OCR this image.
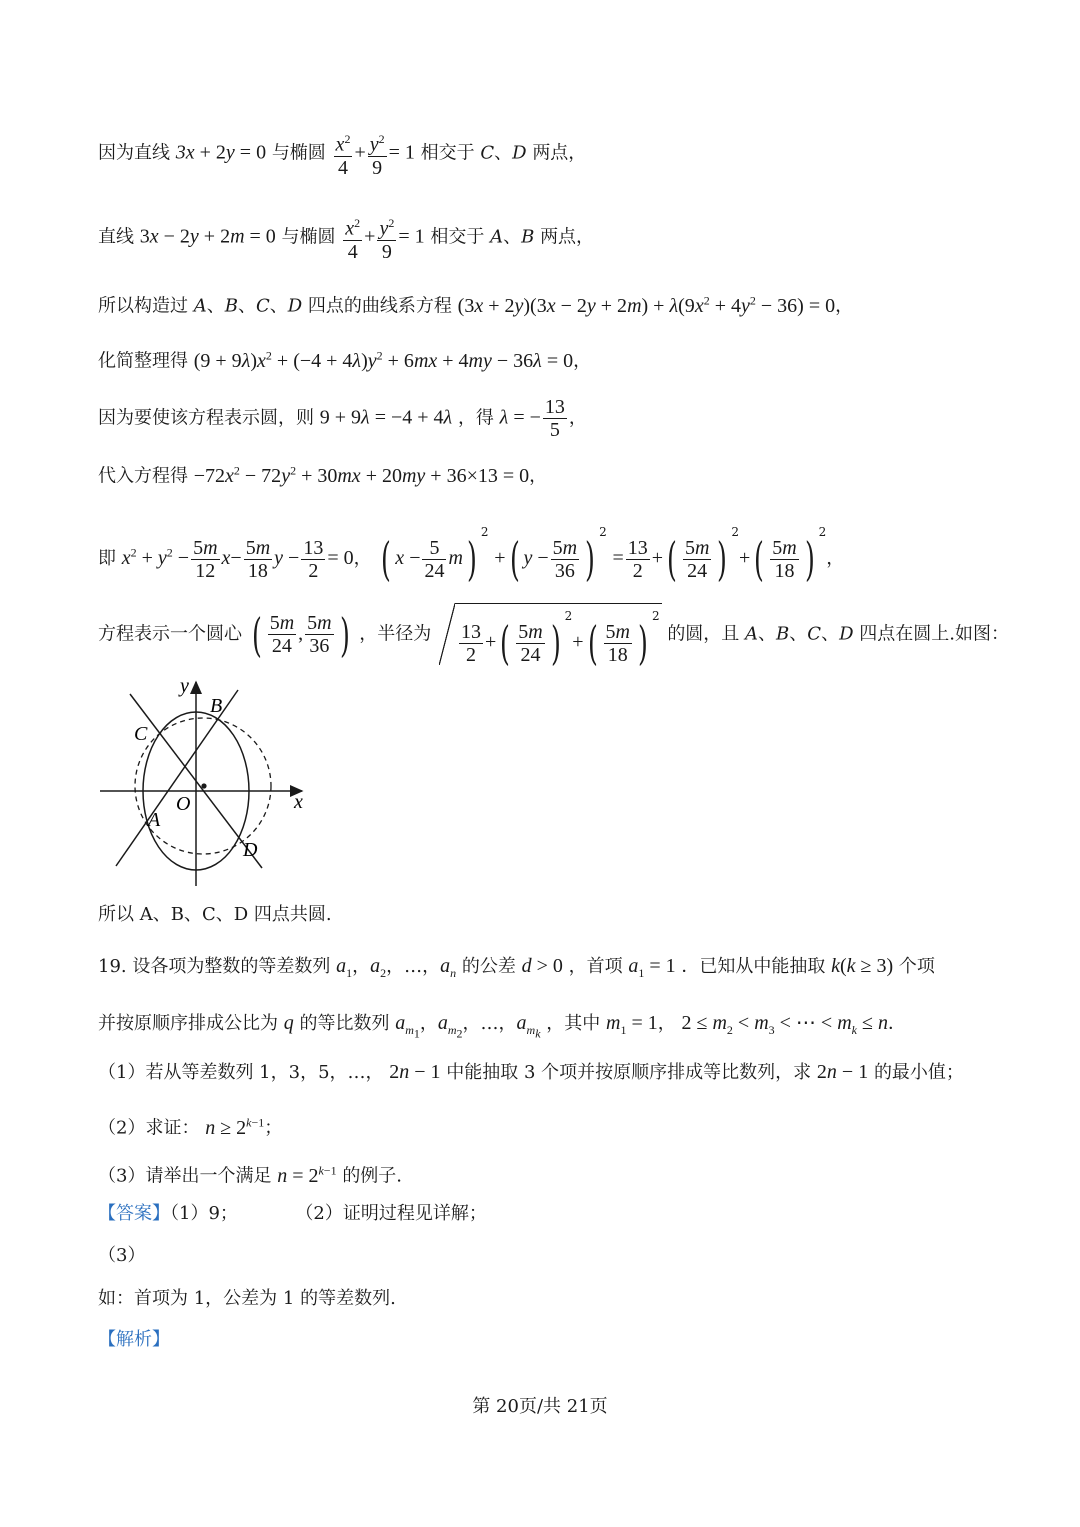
因为直线 3x + 2y = 0 与椭圆 $\frac{x^2}{4} + \frac{y^2}{9} = 1$ 相交于 C、D 两点，
直线 3x − 2y + 2m = 0 与椭圆 $\frac{x^2}{4} + \frac{y^2}{9} = 1$ 相交于 A、B 两点，
所以构造过 A、B、C、D 四点的曲线系方程 $(3x + 2y)(3x - 2y + 2m) + \lambda(9x^2 + 4y^2 - 36) = 0$，
化简整理得 $(9 + 9\lambda)x^2 + (-4 + 4\lambda)y^2 + 6mx + 4my - 36\lambda = 0$，
因为要使该方程表示圆，则 9 + 9λ = −4 + 4λ ，得 λ = − $\frac{13}{5}$ ，
代入方程得 $-72x^2 - 72y^2 + 30mx + 20my + 36\times 13 = 0$，
即 $x^2 + y^2 - \frac{5m}{12} x- \frac{5m}{18}$ $y - \frac{13}{2} = 0$， ( $x - \frac{5}{24} m$) $^2$ +( $y - \frac{5m}{36}$ ) $^2 = \frac{13}{2}$ +( $\frac{5m}{24}$ ) $^2+( \frac{5m}{18}$ ) $^2$，
方程表示一个圆心 ( $\frac{5m}{24}$ , $\frac{5m}{36}$ ) ，半径为 $\frac{13}{2}$ +( $\frac{5m}{24}$ ) $^2+( \frac{5m}{18}$ ) $^2$ 的圆，且 A、B、C、D 四点在圆上.如图：
y
x
O
B
C
A
D
所以 A、B、C、D 四点共圆.
19. 设各项为整数的等差数列 $a_1$，$a_2$，…，$a_n$ 的公差 d > 0 ，首项 $a_1 = 1$ ．已知从中能抽取 k(k ≥ 3) 个项
并按原顺序排成公比为 q 的等比数列 $a_{m_1}$，$a_{m_2}$，…，$a_{m_k}$ ，其中 $m_1 = 1$， $2 \le m_2 < m_3$ < ⋯ < $m_k \le n$．
（1）若从等差数列 1，3，5，…， 2n − 1 中能抽取 3 个项并按原顺序排成等比数列，求 2n − 1 的最小值；
（2）求证： $n \ge 2^{k-1}$；
（3）请举出一个满足 $n = 2^{k-1}$ 的例子.
【答案】（1）9；	（2）证明过程见详解；
（3）
如：首项为 1，公差为 1 的等差数列.
【解析】
第 20页/共 21页
